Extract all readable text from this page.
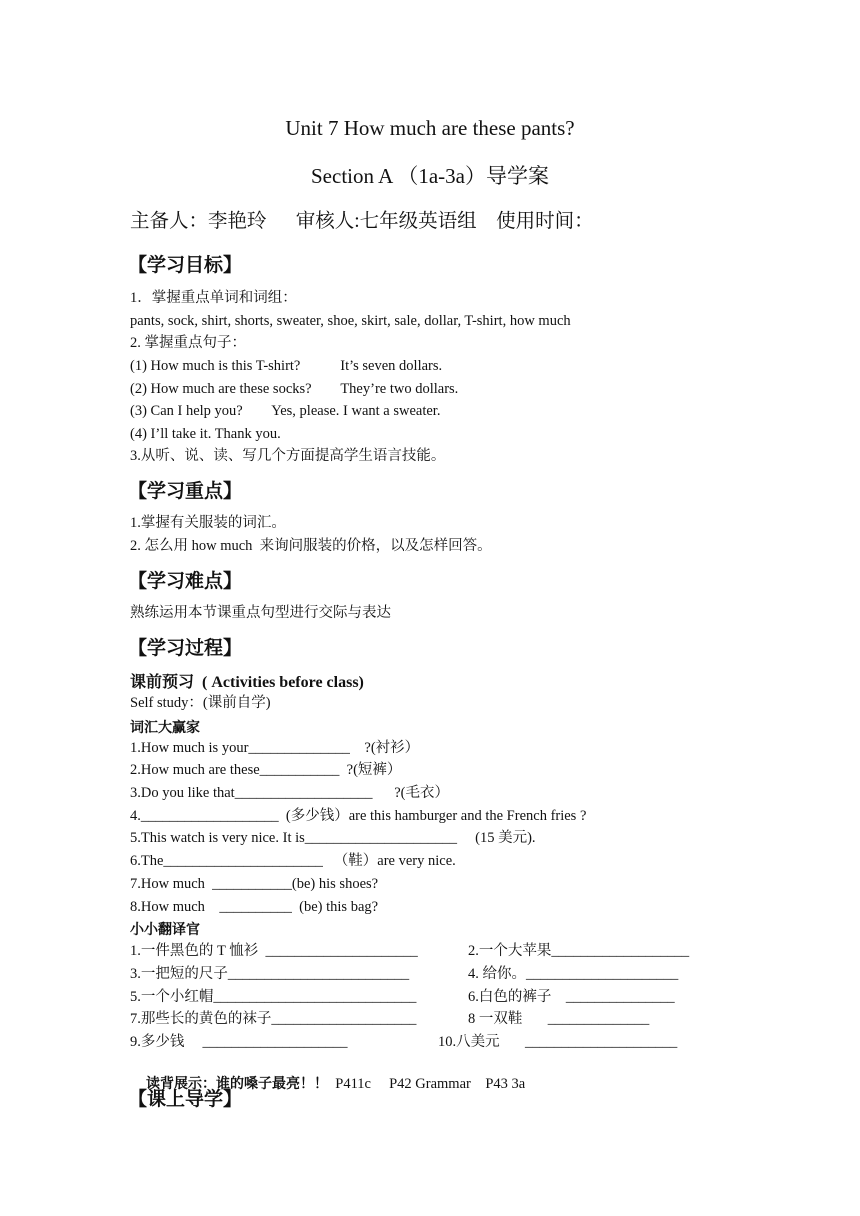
Unit 7 How much are these pants?
Section A （1a-3a）导学案
主备人：李艳玲      审核人:七年级英语组    使用时间：
【学习目标】
1．掌握重点单词和词组：
pants, sock, shirt, shorts, sweater, shoe, skirt, sale, dollar, T-shirt, how much
2. 掌握重点句子：
(1) How much is this T-shirt?           It’s seven dollars.
(2) How much are these socks?        They’re two dollars.
(3) Can I help you?        Yes, please. I want a sweater.
(4) I’ll take it. Thank you.
3.从听、说、读、写几个方面提高学生语言技能。
【学习重点】
1.掌握有关服装的词汇。
2. 怎么用 how much  来询问服装的价格，以及怎样回答。
【学习难点】
熟练运用本节课重点句型进行交际与表达
【学习过程】
课前预习  ( Activities before class)
Self study：(课前自学)
词汇大赢家
1.How much is your______________    ?(衬衫）
2.How much are these___________  ?(短裤）
3.Do you like that___________________      ?(毛衣）
4.___________________  (多少钱）are this hamburger and the French fries ?
5.This watch is very nice. It is_____________________     (15 美元).
6.The______________________   （鞋）are very nice.
7.How much  ___________(be) his shoes?
8.How much    __________  (be) this bag?
小小翻译官
1.一件黑色的 T 恤衫  _____________________	2.一个大苹果___________________
3.一把短的尺子_________________________	4. 给你。_____________________
5.一个小红帽____________________________	6.白色的裤子    _______________
7.那些长的黄色的袜子____________________	8 一双鞋       ______________
9.多少钱     ____________________	10.八美元       _____________________

读背展示：谁的嗓子最亮！！  P411c     P42 Grammar    P43 3a

【课上导学】
